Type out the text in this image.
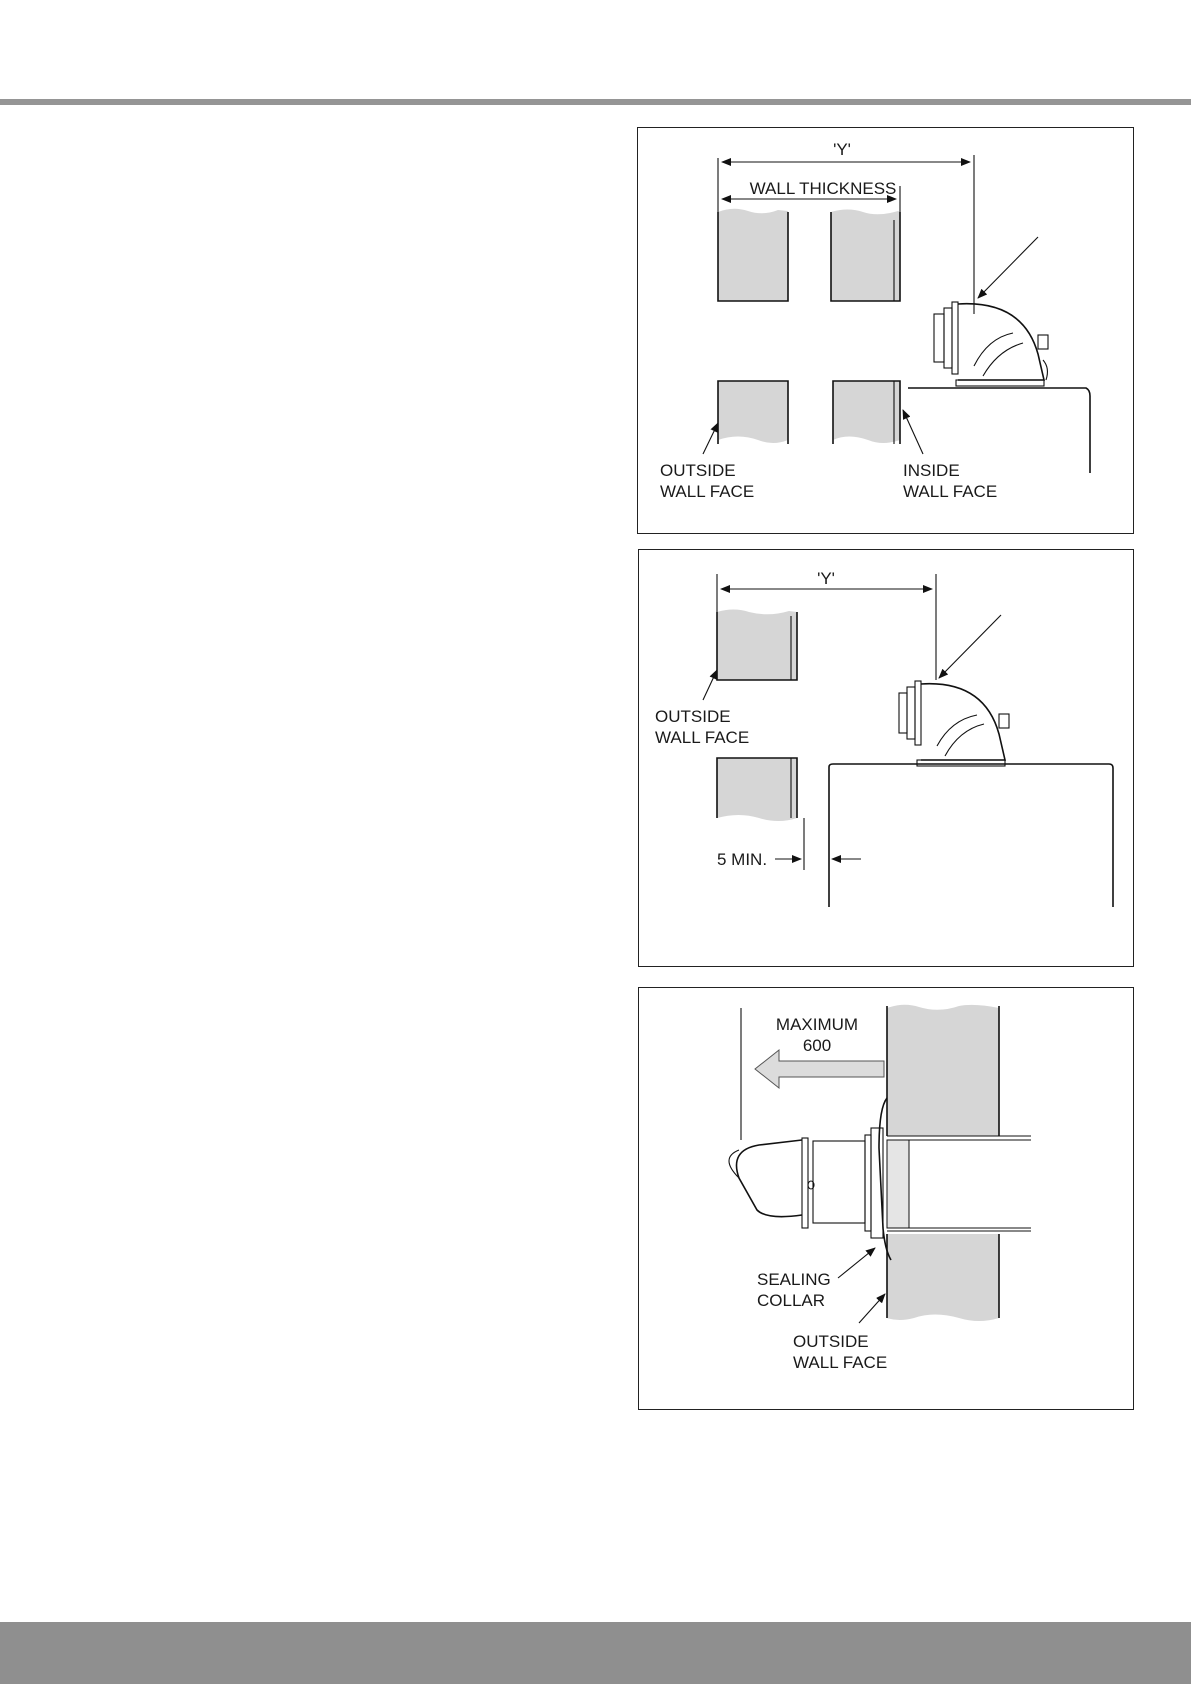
'Y'
WALL THICKNESS
OUTSIDE
WALL FACE
INSIDE
WALL FACE
'Y'
OUTSIDE
WALL FACE
5 MIN.
MAXIMUM
600
SEALING
COLLAR
OUTSIDE
WALL FACE
